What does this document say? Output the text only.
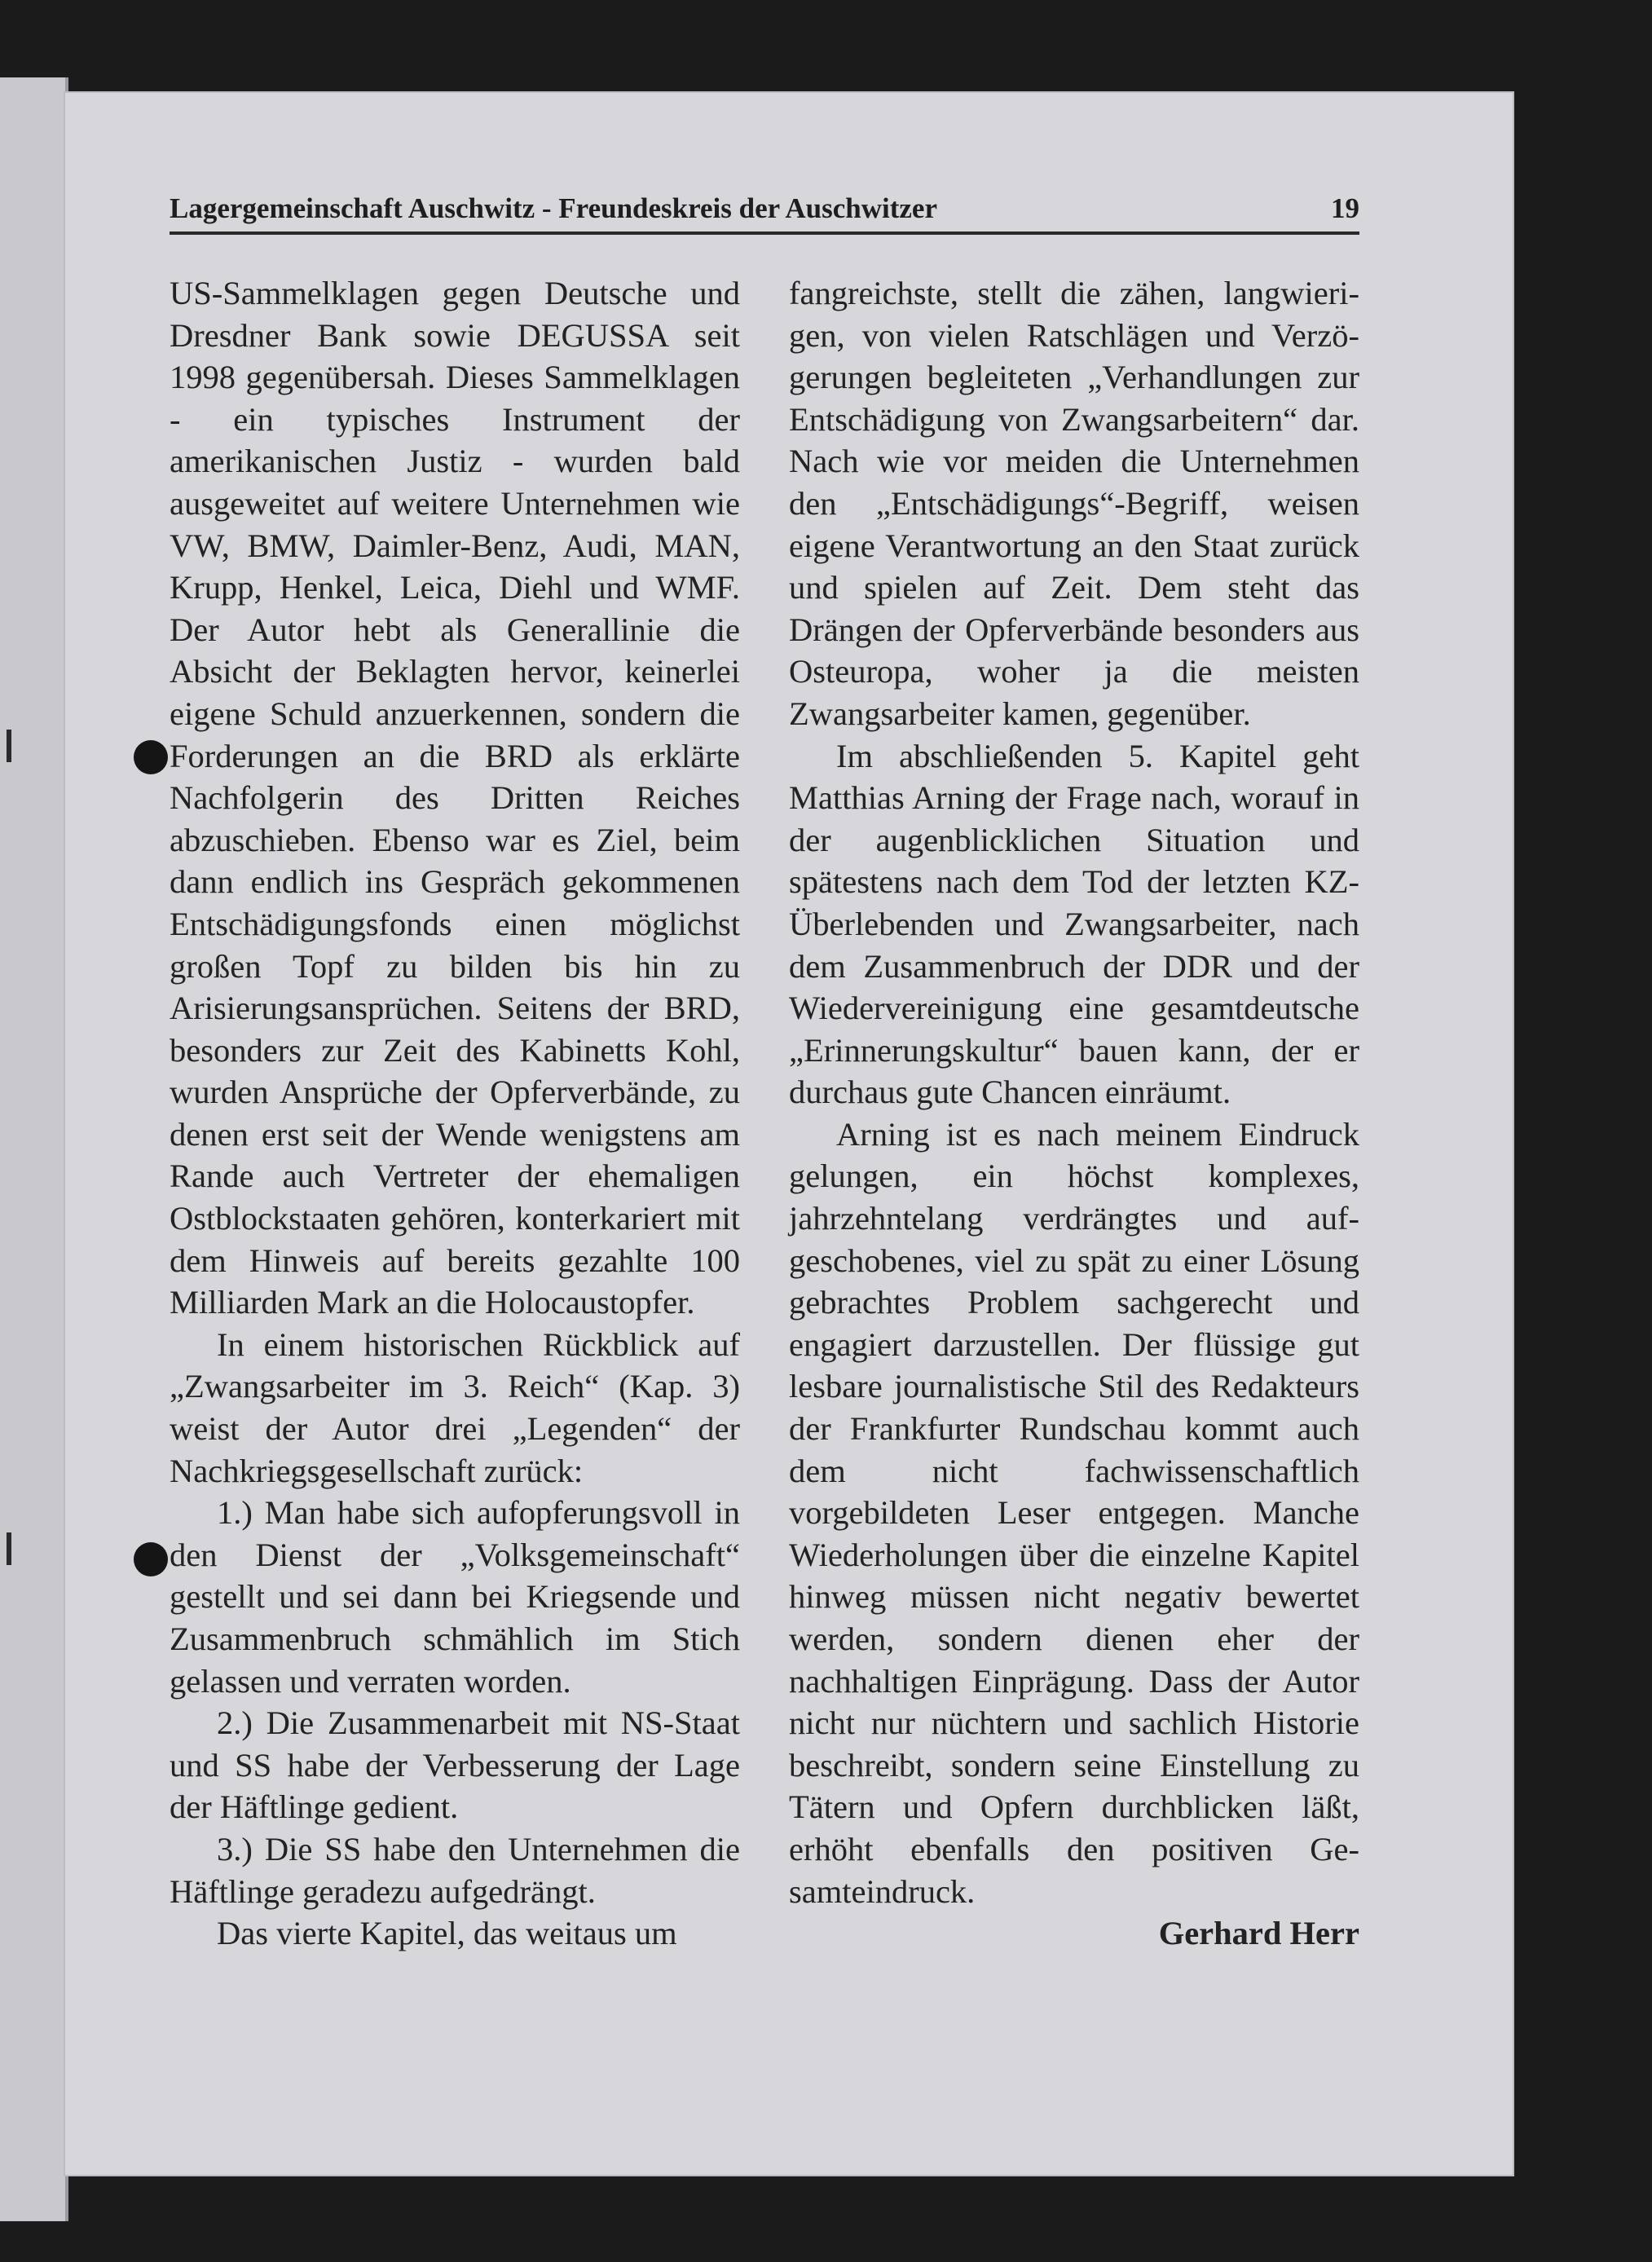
Lagergemeinschaft Auschwitz - Freundeskreis der Auschwitzer	19

US-Sammelklagen gegen Deutsche und Dresdner Bank sowie DEGUSSA seit 1998 gegenübersah. Dieses Sammelklagen - ein typisches Instrument der amerikanischen Justiz - wurden bald ausgeweitet auf weitere Unternehmen wie VW, BMW, Daimler-Benz, Audi, MAN, Krupp, Henkel, Leica, Diehl und WMF. Der Autor hebt als Generallinie die Absicht der Beklagten hervor, keinerlei eigene Schuld anzuerkennen, sondern die Forderungen an die BRD als erklärte Nachfolgerin des Dritten Reiches abzuschieben. Ebenso war es Ziel, beim dann endlich ins Gespräch gekommenen Entschädigungsfonds einen möglichst großen Topf zu bilden bis hin zu Arisierungsansprüchen. Seitens der BRD, besonders zur Zeit des Kabinetts Kohl, wurden Ansprüche der Opferverbände, zu denen erst seit der Wende wenigstens am Rande auch Vertreter der ehemaligen Ostblockstaaten gehören, konterkariert mit dem Hinweis auf bereits gezahlte 100 Milliarden Mark an die Holocaustopfer.

In einem historischen Rückblick auf „Zwangsarbeiter im 3. Reich“ (Kap. 3) weist der Autor drei „Legenden“ der Nachkriegsgesellschaft zurück:

1.) Man habe sich aufopferungsvoll in den Dienst der „Volksgemeinschaft“ gestellt und sei dann bei Kriegsende und Zusammenbruch schmählich im Stich gelassen und verraten worden.

2.) Die Zusammenarbeit mit NS-Staat und SS habe der Verbesserung der Lage der Häftlinge gedient.

3.) Die SS habe den Unternehmen die Häftlinge geradezu aufgedrängt.

Das vierte Kapitel, das weitaus um

fangreichste, stellt die zähen, langwierigen, von vielen Ratschlägen und Verzögerungen begleiteten „Verhandlungen zur Entschädigung von Zwangsarbeitern“ dar. Nach wie vor meiden die Unternehmen den „Entschädigungs“-Begriff, weisen eigene Verantwortung an den Staat zurück und spielen auf Zeit. Dem steht das Drängen der Opferverbände besonders aus Osteuropa, woher ja die meisten Zwangsarbeiter kamen, gegenüber.

Im abschließenden 5. Kapitel geht Matthias Arning der Frage nach, worauf in der augenblicklichen Situation und spätestens nach dem Tod der letzten KZ-Überlebenden und Zwangsarbeiter, nach dem Zusammenbruch der DDR und der Wiedervereinigung eine gesamtdeutsche „Erinnerungskultur“ bauen kann, der er durchaus gute Chancen einräumt.

Arning ist es nach meinem Eindruck gelungen, ein höchst komplexes, jahrzehntelang verdrängtes und aufgeschobenes, viel zu spät zu einer Lösung gebrachtes Problem sachgerecht und engagiert darzustellen. Der flüssige gut lesbare journalistische Stil des Redakteurs der Frankfurter Rundschau kommt auch dem nicht fachwissenschaftlich vorgebildeten Leser entgegen. Manche Wiederholungen über die einzelne Kapitel hinweg müssen nicht negativ bewertet werden, sondern dienen eher der nachhaltigen Einprägung. Dass der Autor nicht nur nüchtern und sachlich Historie beschreibt, sondern seine Einstellung zu Tätern und Opfern durchblicken läßt, erhöht ebenfalls den positiven Gesamteindruck.

Gerhard Herr
